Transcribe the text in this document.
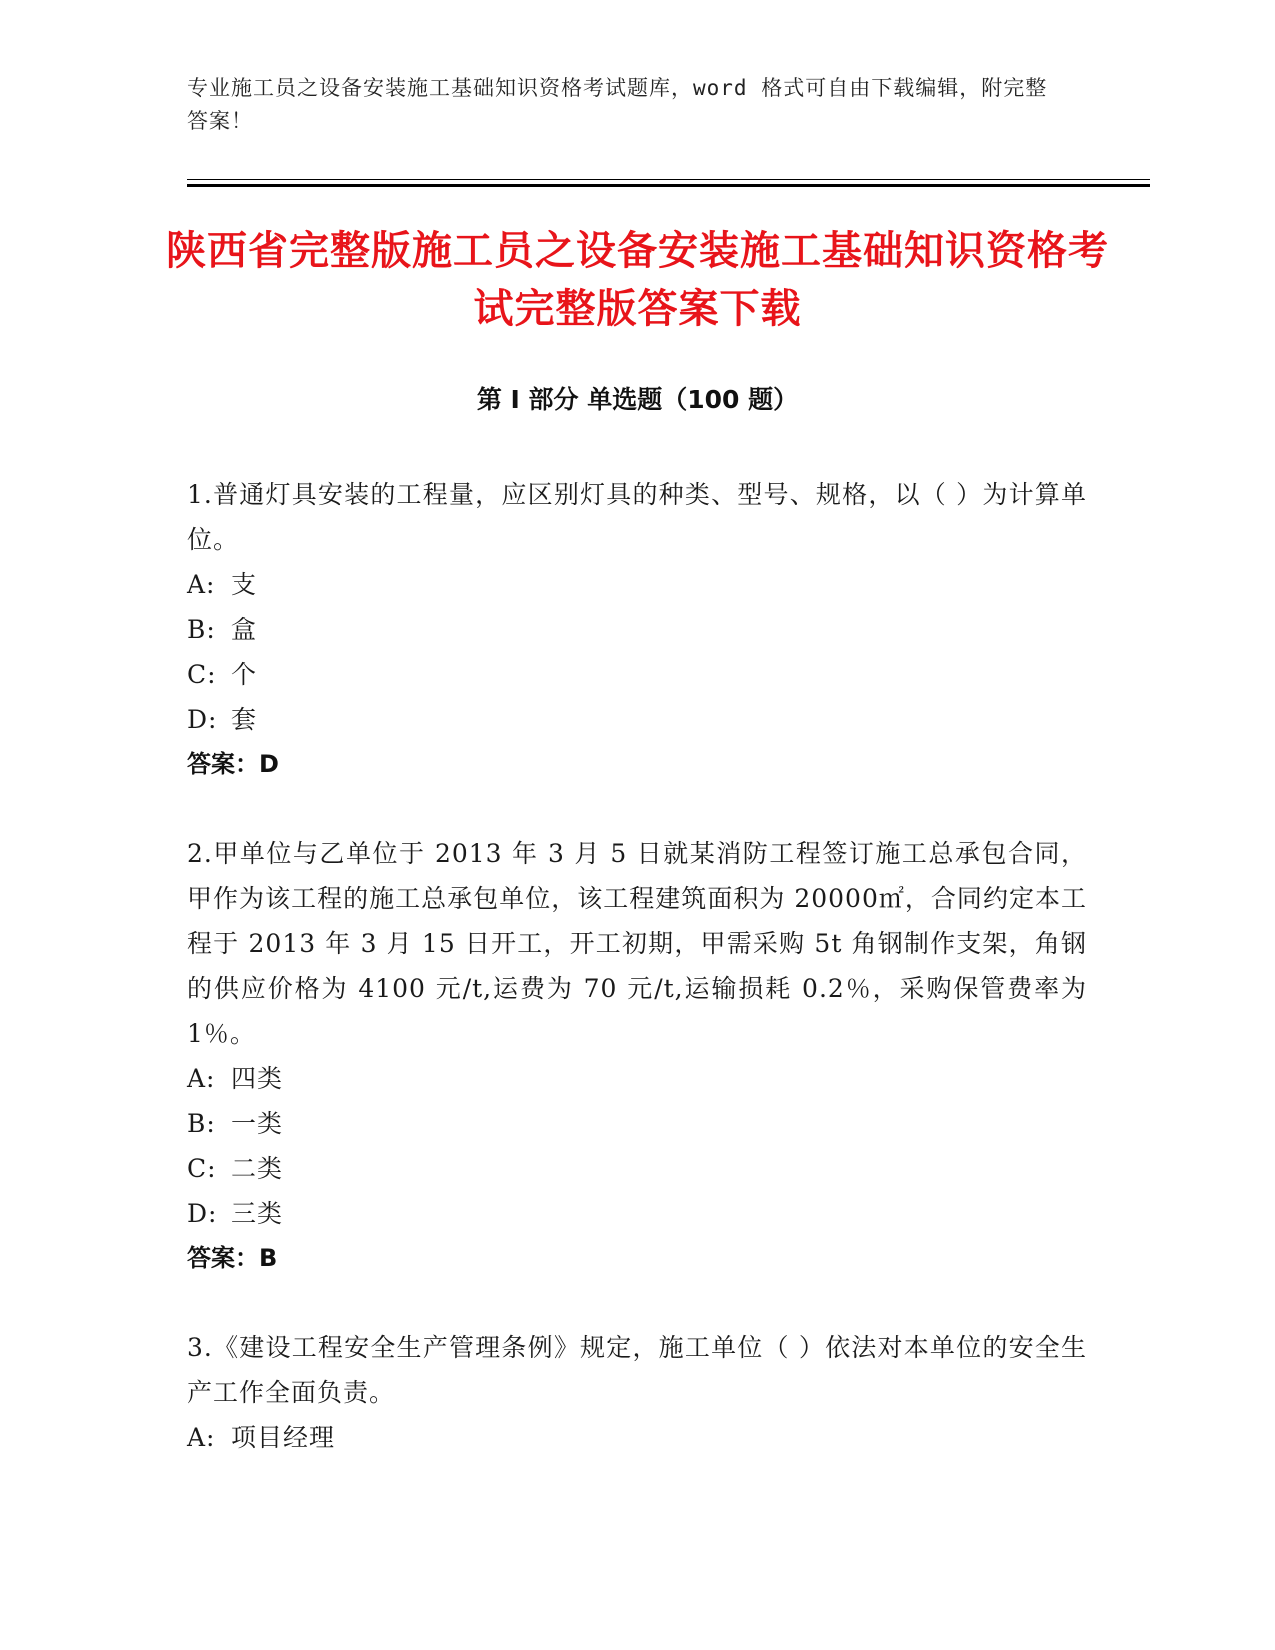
专业施工员之设备安装施工基础知识资格考试题库，word 格式可自由下载编辑，附完整答案！
陕西省完整版施工员之设备安装施工基础知识资格考试完整版答案下载
第 I 部分 单选题（100 题）
1.普通灯具安装的工程量，应区别灯具的种类、型号、规格，以（ ）为计算单位。
A: 支
B: 盒
C: 个
D: 套
答案：D
2.甲单位与乙单位于 2013 年 3 月 5 日就某消防工程签订施工总承包合同，甲作为该工程的施工总承包单位，该工程建筑面积为 20000㎡，合同约定本工程于 2013 年 3 月 15 日开工，开工初期，甲需采购 5t 角钢制作支架，角钢的供应价格为 4100 元/t,运费为 70 元/t,运输损耗 0.2％，采购保管费率为 1％。
A: 四类
B: 一类
C: 二类
D: 三类
答案：B
3.《建设工程安全生产管理条例》规定，施工单位（ ）依法对本单位的安全生产工作全面负责。
A: 项目经理
